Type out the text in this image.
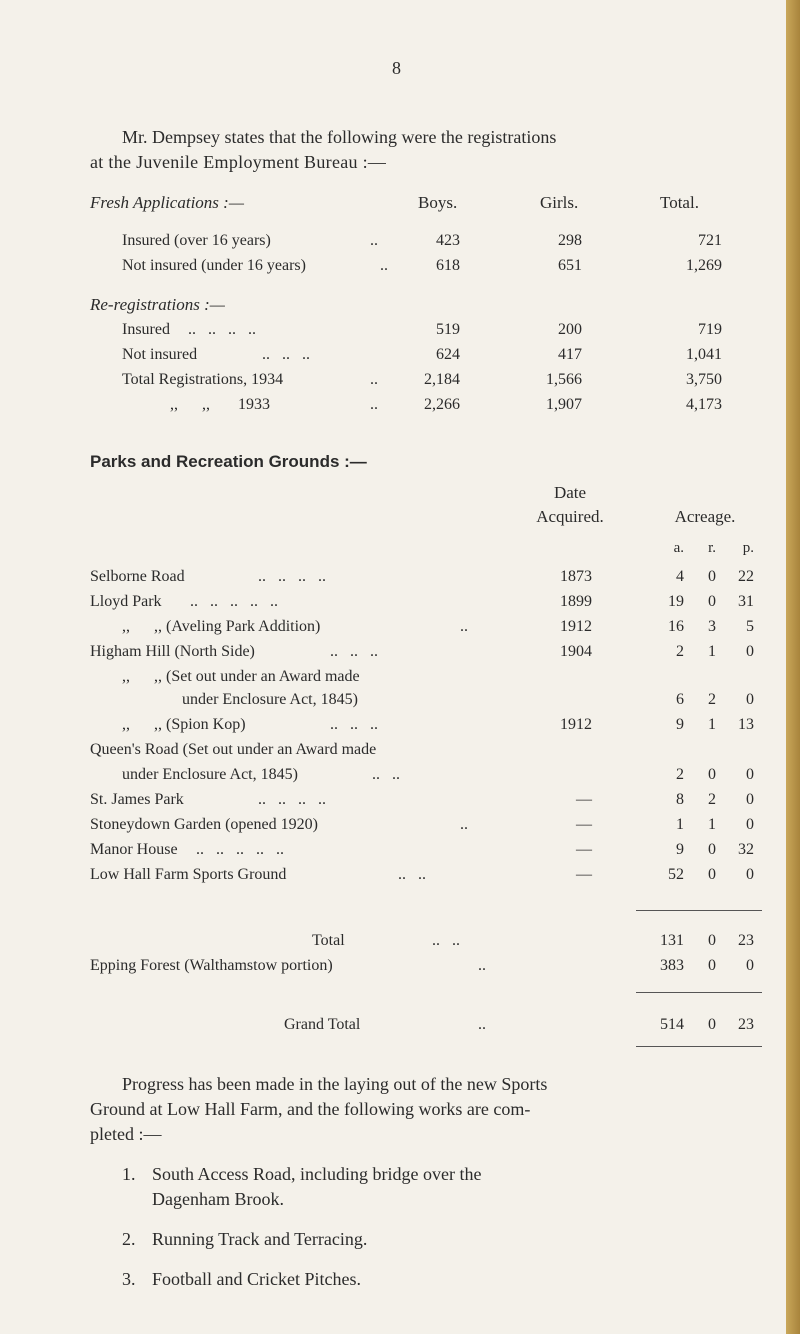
8
Mr. Dempsey states that the following were the registrations
at the Juvenile Employment Bureau :—
Fresh Applications :—	Boys.	Girls.	Total.
Insured (over 16 years)	..	423	298	721
Not insured (under 16 years)	..	618	651	1,269
Re-registrations :—
Insured ..   ..   ..   ..	519	200	719
Not insured	..   ..   ..	624	417	1,041
Total Registrations, 1934	..	2,184	1,566	3,750
,,      ,,       1933	..	2,266	1,907	4,173
Parks and Recreation Grounds :—
Date
Acquired.	Acreage.
a.	r.	p.
Selborne Road	..   ..   ..   ..	1873	4	0	22
Lloyd Park ..   ..   ..   ..   ..	1899	19	0	31
,,      ,, (Aveling Park Addition)	..	1912	16	3	5
Higham Hill (North Side)	..   ..   ..	1904	2	1	0
,,      ,, (Set out under an Award made
under Enclosure Act, 1845)	6	2	0
,,      ,, (Spion Kop)	..   ..   ..	1912	9	1	13
Queen's Road (Set out under an Award made
under Enclosure Act, 1845)	..   ..	2	0	0
St. James Park	..   ..   ..   ..	—	8	2	0
Stoneydown Garden (opened 1920)	..	—	1	1	0
Manor House ..   ..   ..   ..   ..	—	9	0	32
Low Hall Farm Sports Ground	..   ..	—	52	0	0
Total	..   ..	131	0	23
Epping Forest (Walthamstow portion)	..	383	0	0
Grand Total	..	514	0	23
Progress has been made in the laying out of the new Sports
Ground at Low Hall Farm, and the following works are com-
pleted :—
1. South Access Road, including bridge over the
Dagenham Brook.
2. Running Track and Terracing.
3. Football and Cricket Pitches.
